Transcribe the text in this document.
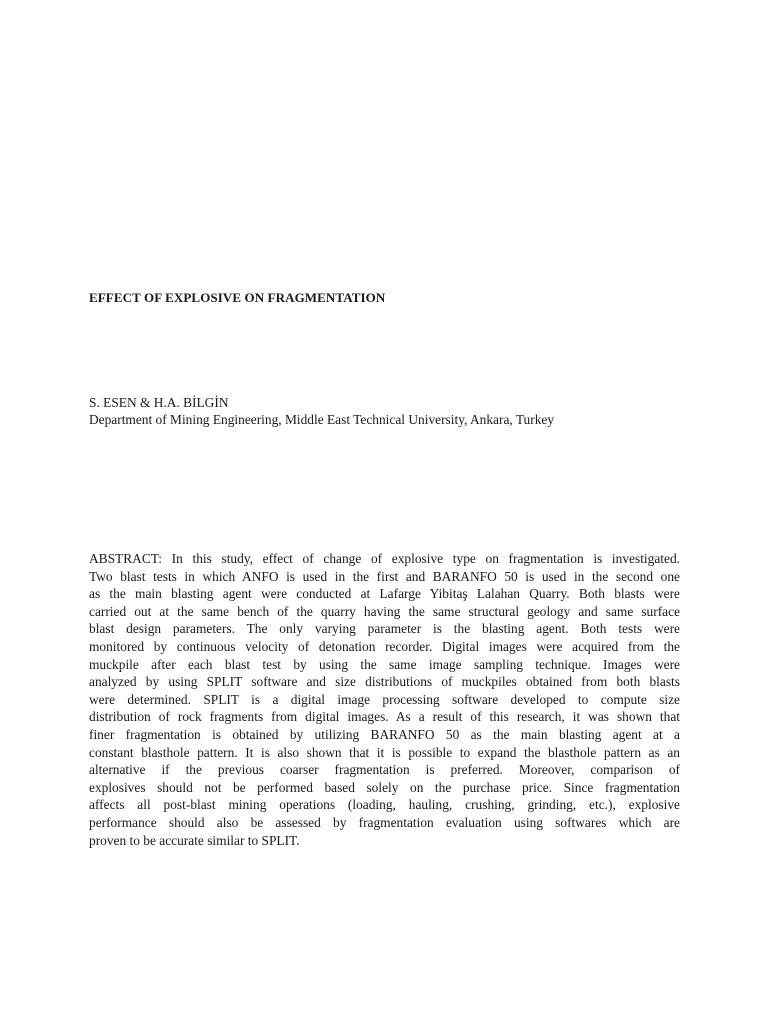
EFFECT OF EXPLOSIVE ON FRAGMENTATION
S. ESEN & H.A. BİLGİN
Department of Mining Engineering, Middle East Technical University, Ankara, Turkey
ABSTRACT: In this study, effect of change of explosive type on fragmentation is investigated.
Two blast tests in which ANFO is used in the first and BARANFO 50 is used in the second one
as the main blasting agent were conducted at Lafarge Yibitaş Lalahan Quarry. Both blasts were
carried out at the same bench of the quarry having the same structural geology and same surface
blast design parameters. The only varying parameter is the blasting agent. Both tests were
monitored by continuous velocity of detonation recorder. Digital images were acquired from the
muckpile after each blast test by using the same image sampling technique. Images were
analyzed by using SPLIT software and size distributions of muckpiles obtained from both blasts
were determined. SPLIT is a digital image processing software developed to compute size
distribution of rock fragments from digital images. As a result of this research, it was shown that
finer fragmentation is obtained by utilizing BARANFO 50 as the main blasting agent at a
constant blasthole pattern. It is also shown that it is possible to expand the blasthole pattern as an
alternative if the previous coarser fragmentation is preferred. Moreover, comparison of
explosives should not be performed based solely on the purchase price. Since fragmentation
affects all post-blast mining operations (loading, hauling, crushing, grinding, etc.), explosive
performance should also be assessed by fragmentation evaluation using softwares which are
proven to be accurate similar to SPLIT.
